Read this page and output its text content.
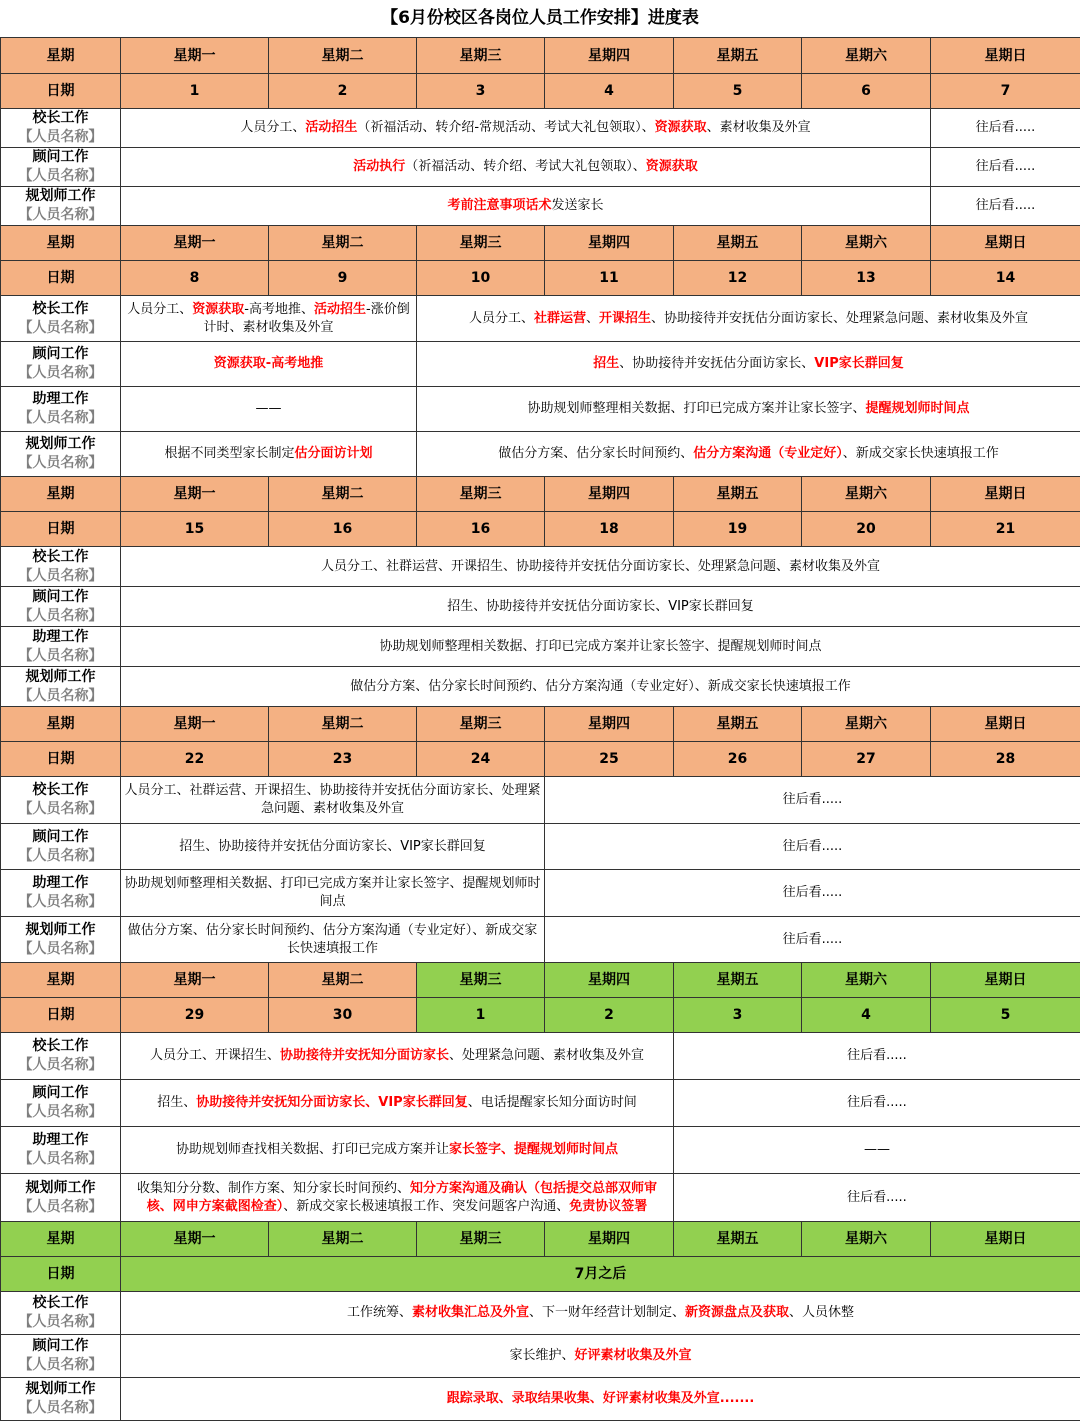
【6月份校区各岗位人员工作安排】进度表
星期	星期一	星期二	星期三	星期四	星期五	星期六	星期日
日期	1	2	3	4	5	6	7

校长工作
【人员名称】	人员分工、活动招生（祈福活动、转介绍-常规活动、考试大礼包领取）、资源获取、素材收集及外宣						往后看.....

顾问工作
【人员名称】	活动执行（祈福活动、转介绍、考试大礼包领取）、资源获取						往后看.....

规划师工作
【人员名称】	考前注意事项话术发送家长						往后看.....
星期	星期一	星期二	星期三	星期四	星期五	星期六	星期日
日期	8	9	10	11	12	13	14

校长工作
【人员名称】	人员分工、资源获取-高考地推、活动招生-涨价倒计时、素材收集及外宣		人员分工、社群运营、开课招生、协助接待并安抚估分面访家长、处理紧急问题、素材收集及外宣				

顾问工作
【人员名称】	资源获取-高考地推		招生、协助接待并安抚估分面访家长、VIP家长群回复				

助理工作
【人员名称】	——		协助规划师整理相关数据、打印已完成方案并让家长签字、提醒规划师时间点				

规划师工作
【人员名称】	根据不同类型家长制定估分面访计划		做估分方案、估分家长时间预约、估分方案沟通（专业定好）、新成交家长快速填报工作				
星期	星期一	星期二	星期三	星期四	星期五	星期六	星期日
日期	15	16	16	18	19	20	21

校长工作
【人员名称】	人员分工、社群运营、开课招生、协助接待并安抚估分面访家长、处理紧急问题、素材收集及外宣						

顾问工作
【人员名称】	招生、协助接待并安抚估分面访家长、VIP家长群回复						

助理工作
【人员名称】	协助规划师整理相关数据、打印已完成方案并让家长签字、提醒规划师时间点						

规划师工作
【人员名称】	做估分方案、估分家长时间预约、估分方案沟通（专业定好）、新成交家长快速填报工作						
星期	星期一	星期二	星期三	星期四	星期五	星期六	星期日
日期	22	23	24	25	26	27	28

校长工作
【人员名称】	人员分工、社群运营、开课招生、协助接待并安抚估分面访家长、处理紧急问题、素材收集及外宣			往后看.....			

顾问工作
【人员名称】	招生、协助接待并安抚估分面访家长、VIP家长群回复			往后看.....			

助理工作
【人员名称】	协助规划师整理相关数据、打印已完成方案并让家长签字、提醒规划师时间点			往后看.....			

规划师工作
【人员名称】	做估分方案、估分家长时间预约、估分方案沟通（专业定好）、新成交家长快速填报工作			往后看.....			
星期	星期一	星期二	星期三	星期四	星期五	星期六	星期日
日期	29	30	1	2	3	4	5

校长工作
【人员名称】	人员分工、开课招生、协助接待并安抚知分面访家长、处理紧急问题、素材收集及外宣				往后看.....		

顾问工作
【人员名称】	招生、协助接待并安抚知分面访家长、VIP家长群回复、电话提醒家长知分面访时间				往后看.....		

助理工作
【人员名称】	协助规划师查找相关数据、打印已完成方案并让家长签字、提醒规划师时间点				——		

规划师工作
【人员名称】	收集知分分数、制作方案、知分家长时间预约、知分方案沟通及确认（包括提交总部双师审核、网申方案截图检查）、新成交家长极速填报工作、突发问题客户沟通、免责协议签署				往后看.....		
星期	星期一	星期二	星期三	星期四	星期五	星期六	星期日
日期	7月之后						

校长工作
【人员名称】	工作统筹、素材收集汇总及外宣、下一财年经营计划制定、新资源盘点及获取、人员休整						

顾问工作
【人员名称】	家长维护、好评素材收集及外宣						

规划师工作
【人员名称】	跟踪录取、录取结果收集、好评素材收集及外宣.......						
